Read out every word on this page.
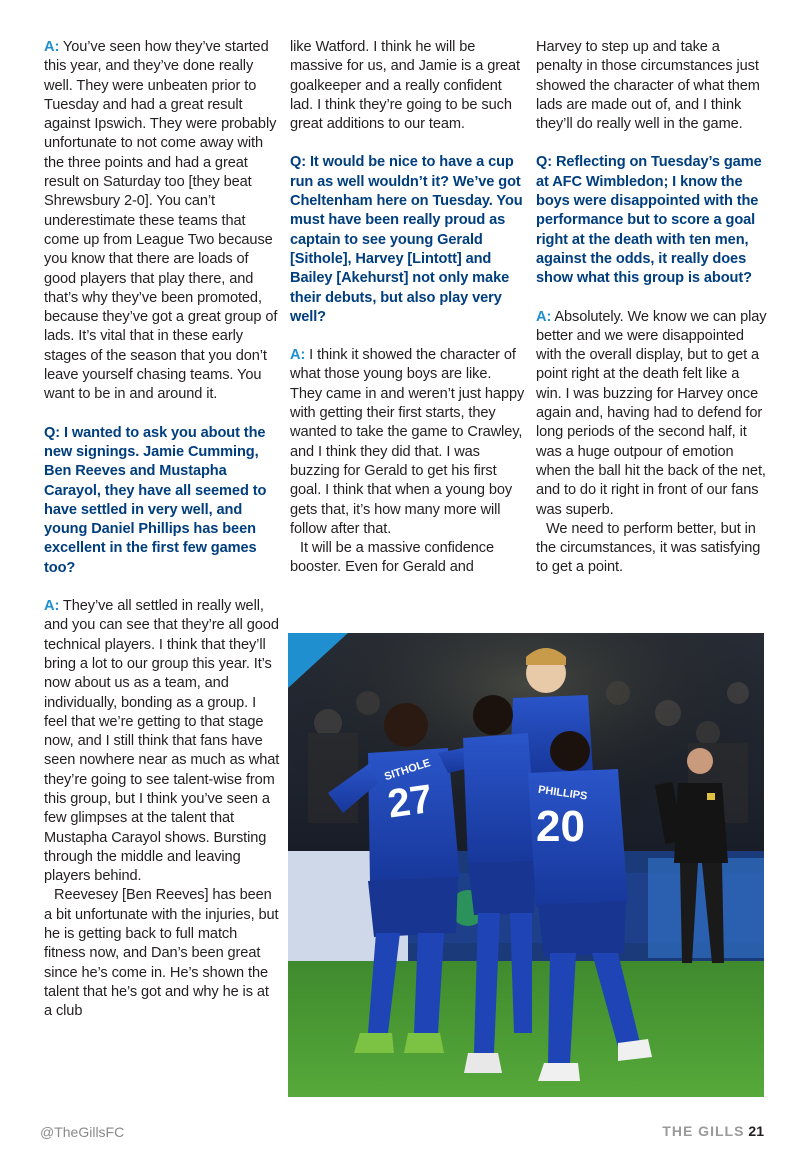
A: You’ve seen how they’ve started this year, and they’ve done really well. They were unbeaten prior to Tuesday and had a great result against Ipswich. They were probably unfortunate to not come away with the three points and had a great result on Saturday too [they beat Shrewsbury 2-0]. You can’t underestimate these teams that come up from League Two because you know that there are loads of good players that play there, and that’s why they’ve been promoted, because they’ve got a great group of lads. It’s vital that in these early stages of the season that you don’t leave yourself chasing teams. You want to be in and around it.

Q: I wanted to ask you about the new signings. Jamie Cumming, Ben Reeves and Mustapha Carayol, they have all seemed to have settled in very well, and young Daniel Phillips has been excellent in the first few games too?

A: They’ve all settled in really well, and you can see that they’re all good technical players. I think that they’ll bring a lot to our group this year. It’s now about us as a team, and individually, bonding as a group. I feel that we’re getting to that stage now, and I still think that fans have seen nowhere near as much as what they’re going to see talent-wise from this group, but I think you’ve seen a few glimpses at the talent that Mustapha Carayol shows. Bursting through the middle and leaving players behind.

Reevesey [Ben Reeves] has been a bit unfortunate with the injuries, but he is getting back to full match fitness now, and Dan’s been great since he’s come in. He’s shown the talent that he’s got and why he is at a club

like Watford. I think he will be massive for us, and Jamie is a great goalkeeper and a really confident lad. I think they’re going to be such great additions to our team.

Q: It would be nice to have a cup run as well wouldn’t it? We’ve got Cheltenham here on Tuesday. You must have been really proud as captain to see young Gerald [Sithole], Harvey [Lintott] and Bailey [Akehurst] not only make their debuts, but also play very well?

A: I think it showed the character of what those young boys are like. They came in and weren’t just happy with getting their first starts, they wanted to take the game to Crawley, and I think they did that. I was buzzing for Gerald to get his first goal. I think that when a young boy gets that, it’s how many more will follow after that.

It will be a massive confidence booster. Even for Gerald and

Harvey to step up and take a penalty in those circumstances just showed the character of what them lads are made out of, and I think they’ll do really well in the game.

Q: Reflecting on Tuesday’s game at AFC Wimbledon; I know the boys were disappointed with the performance but to score a goal right at the death with ten men, against the odds, it really does show what this group is about?

A: Absolutely. We know we can play better and we were disappointed with the overall display, but to get a point right at the death felt like a win. I was buzzing for Harvey once again and, having had to defend for long periods of the second half, it was a huge outpour of emotion when the ball hit the back of the net, and to do it right in front of our fans was superb.

We need to perform better, but in the circumstances, it was satisfying to get a point.

27
SITHOLE
20
PHILLIPS
@TheGillsFC	THE GILLS 21
